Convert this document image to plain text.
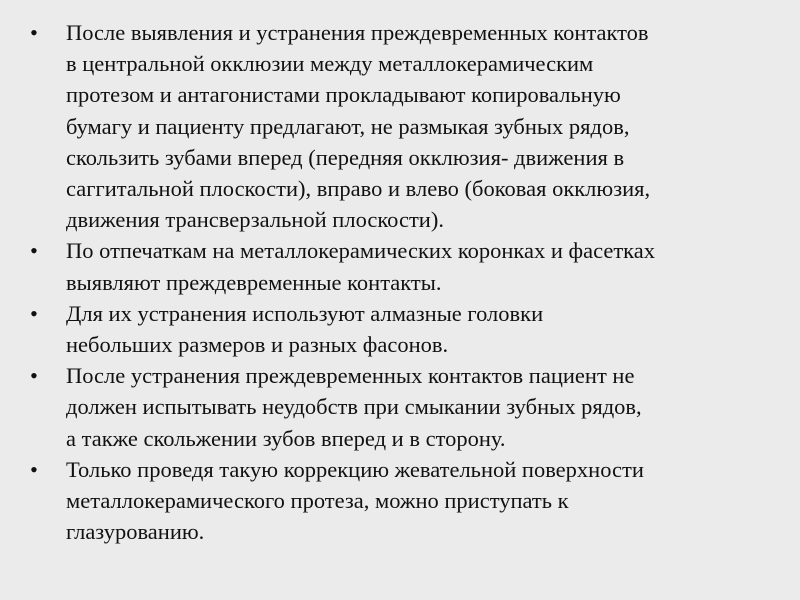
•	После выявления и устранения преждевременных контактов
в центральной окклюзии между металлокерамическим
протезом и антагонистами прокладывают копировальную
бумагу и пациенту предлагают, не размыкая зубных рядов,
скользить зубами вперед (передняя окклюзия- движения в
саггитальной плоскости), вправо и влево (боковая окклюзия,
движения трансверзальной плоскости).
•	По отпечаткам на металлокерамических коронках и фасетках
выявляют преждевременные контакты.
•	Для их устранения используют алмазные головки
небольших размеров и разных фасонов.
•	После устранения преждевременных контактов пациент не
должен испытывать неудобств при смыкании зубных рядов,
а также скольжении зубов вперед и в сторону.
•	Только проведя такую коррекцию жевательной поверхности
металлокерамического протеза, можно приступать к
глазурованию.
